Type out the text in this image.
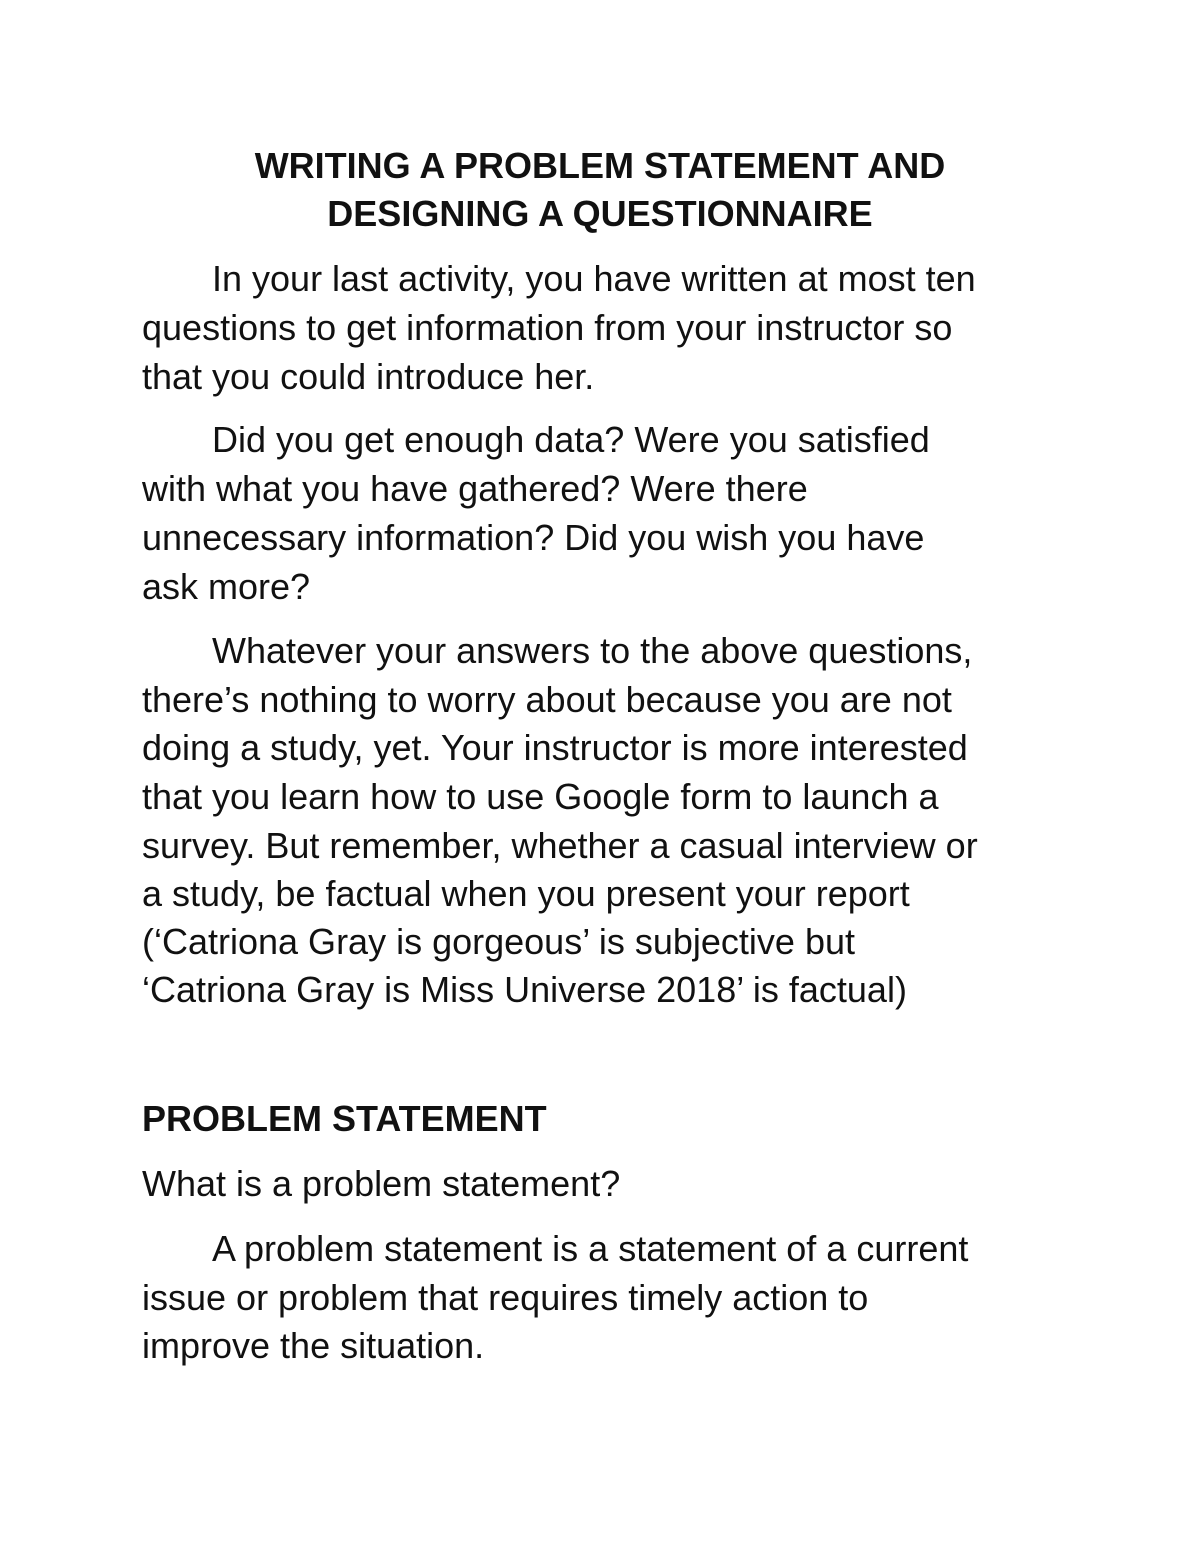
WRITING A PROBLEM STATEMENT AND
DESIGNING A QUESTIONNAIRE
In your last activity, you have written at most ten
questions to get information from your instructor so
that you could introduce her.
Did you get enough data? Were you satisfied
with what you have gathered? Were there
unnecessary information? Did you wish you have
ask more?
Whatever your answers to the above questions,
there’s nothing to worry about because you are not
doing a study, yet. Your instructor is more interested
that you learn how to use Google form to launch a
survey. But remember, whether a casual interview or
a study, be factual when you present your report
(‘Catriona Gray is gorgeous’ is subjective but
‘Catriona Gray is Miss Universe 2018’ is factual)
PROBLEM STATEMENT
What is a problem statement?
A problem statement is a statement of a current
issue or problem that requires timely action to
improve the situation.
